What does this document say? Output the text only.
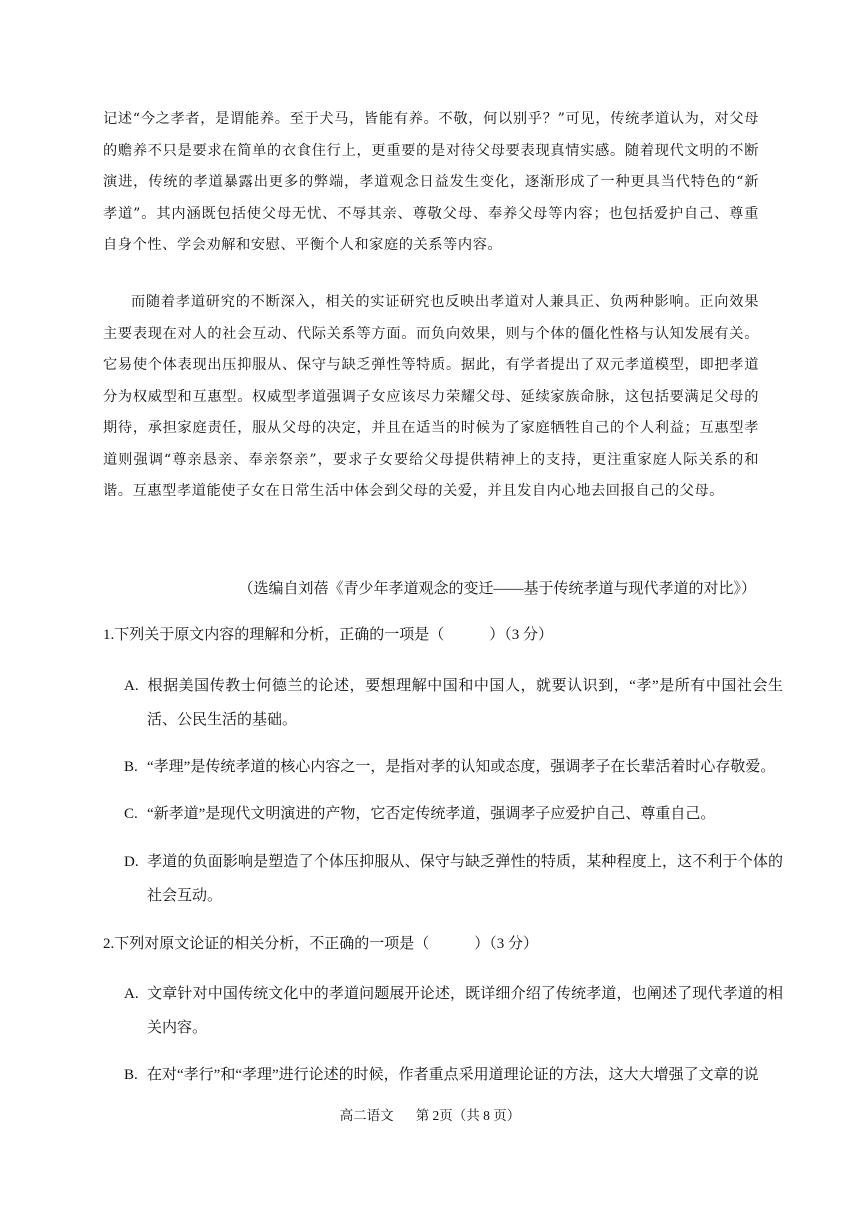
记述“今之孝者，是谓能养。至于犬马，皆能有养。不敬，何以别乎？”可见，传统孝道认为，对父母的赡养不只是要求在简单的衣食住行上，更重要的是对待父母要表现真情实感。随着现代文明的不断演进，传统的孝道暴露出更多的弊端，孝道观念日益发生变化，逐渐形成了一种更具当代特色的“新孝道”。其内涵既包括使父母无忧、不辱其亲、尊敬父母、奉养父母等内容；也包括爱护自己、尊重自身个性、学会劝解和安慰、平衡个人和家庭的关系等内容。

而随着孝道研究的不断深入，相关的实证研究也反映出孝道对人兼具正、负两种影响。正向效果主要表现在对人的社会互动、代际关系等方面。而负向效果，则与个体的僵化性格与认知发展有关。它易使个体表现出压抑服从、保守与缺乏弹性等特质。据此，有学者提出了双元孝道模型，即把孝道分为权威型和互惠型。权威型孝道强调子女应该尽力荣耀父母、延续家族命脉，这包括要满足父母的期待，承担家庭责任，服从父母的决定，并且在适当的时候为了家庭牺牲自己的个人利益；互惠型孝道则强调“尊亲恳亲、奉亲祭亲”，要求子女要给父母提供精神上的支持，更注重家庭人际关系的和谐。互惠型孝道能使子女在日常生活中体会到父母的关爱，并且发自内心地去回报自己的父母。

（选编自刘蓓《青少年孝道观念的变迁——基于传统孝道与现代孝道的对比》）

1.下列关于原文内容的理解和分析，正确的一项是（　　　）（3 分）

A. 根据美国传教士何德兰的论述，要想理解中国和中国人，就要认识到，“孝”是所有中国社会生活、公民生活的基础。

B. “孝理”是传统孝道的核心内容之一，是指对孝的认知或态度，强调孝子在长辈活着时心存敬爱。

C. “新孝道”是现代文明演进的产物，它否定传统孝道，强调孝子应爱护自己、尊重自己。

D. 孝道的负面影响是塑造了个体压抑服从、保守与缺乏弹性的特质，某种程度上，这不利于个体的社会互动。

2.下列对原文论证的相关分析，不正确的一项是（　　　）（3 分）

A. 文章针对中国传统文化中的孝道问题展开论述，既详细介绍了传统孝道，也阐述了现代孝道的相关内容。

B. 在对“孝行”和“孝理”进行论述的时候，作者重点采用道理论证的方法，这大大增强了文章的说

高二语文 第 2页（共 8 页）
